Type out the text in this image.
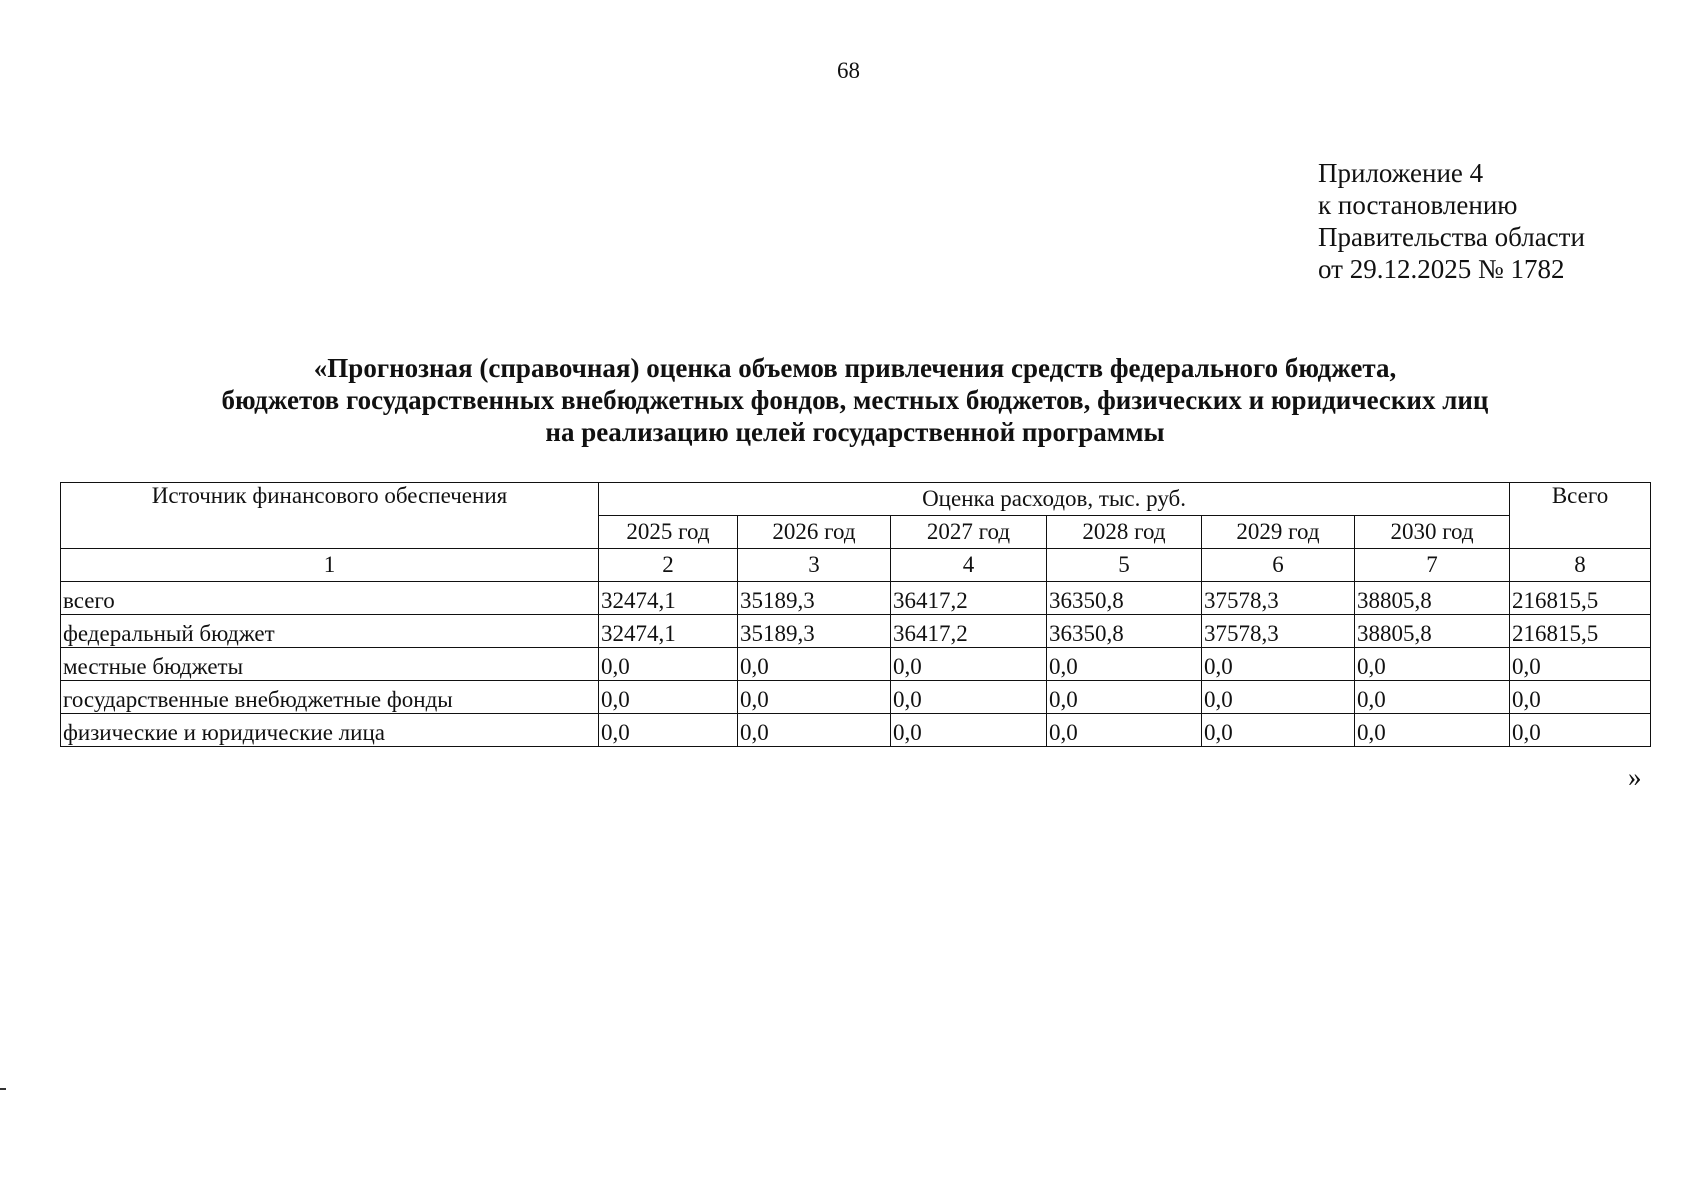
68
Приложение 4
к постановлению
Правительства области
от 29.12.2025 № 1782
«Прогнозная (справочная) оценка объемов привлечения средств федерального бюджета,
бюджетов государственных внебюджетных фондов, местных бюджетов, физических и юридических лиц
на реализацию целей государственной программы
Источник финансового обеспечения	Оценка расходов, тыс. руб.						Всего
	2025 год	2026 год	2027 год	2028 год	2029 год	2030 год	
1	2	3	4	5	6	7	8
всего	32474,1	35189,3	36417,2	36350,8	37578,3	38805,8	216815,5
федеральный бюджет	32474,1	35189,3	36417,2	36350,8	37578,3	38805,8	216815,5
местные бюджеты	0,0	0,0	0,0	0,0	0,0	0,0	0,0
государственные внебюджетные фонды	0,0	0,0	0,0	0,0	0,0	0,0	0,0
физические и юридические лица	0,0	0,0	0,0	0,0	0,0	0,0	0,0
»
